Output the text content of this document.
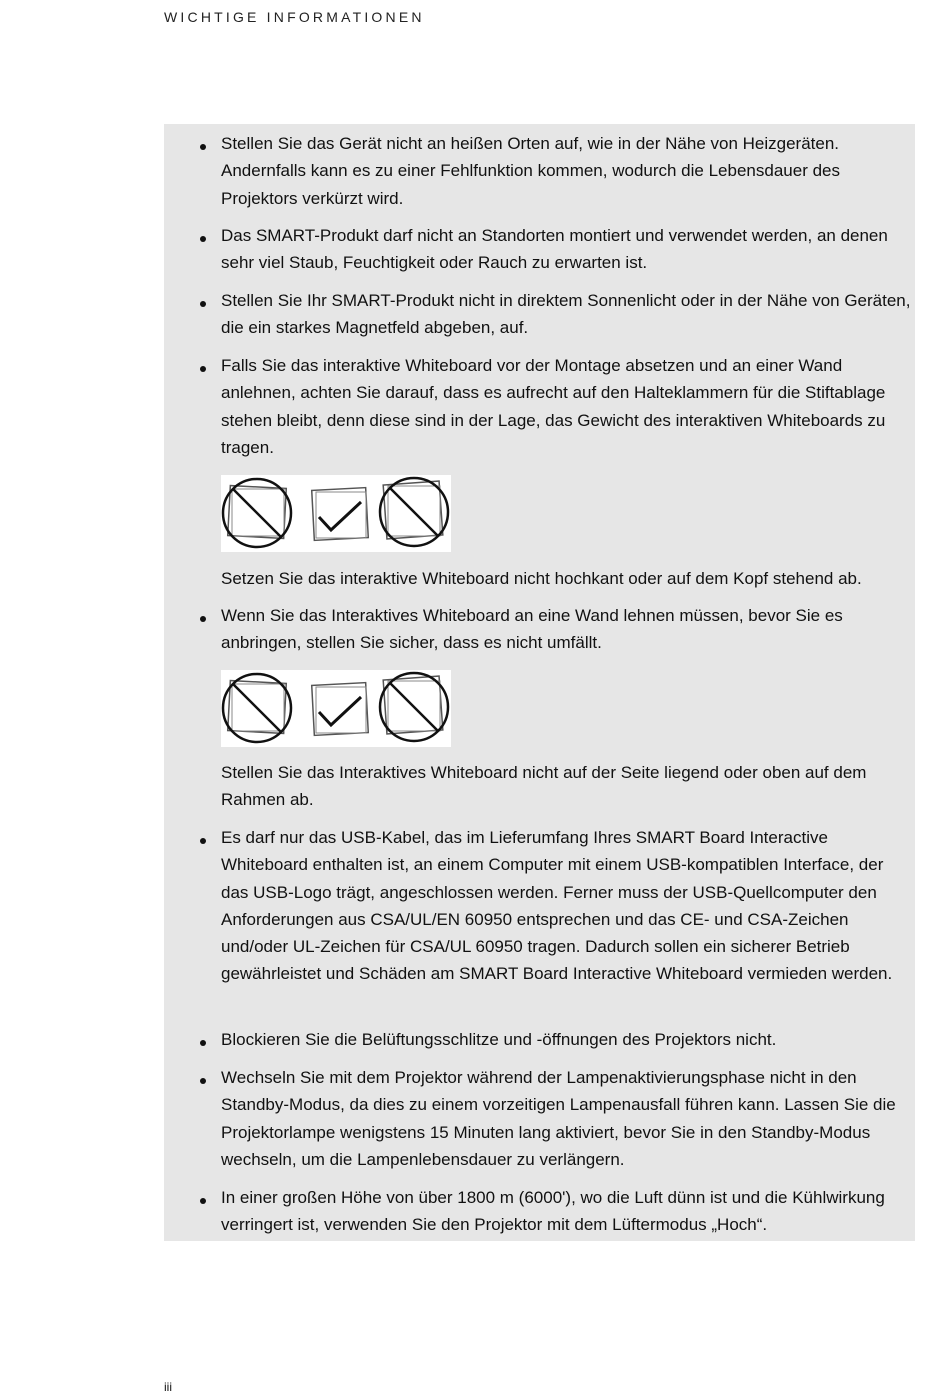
WICHTIGE INFORMATIONEN
Stellen Sie das Gerät nicht an heißen Orten auf, wie in der Nähe von Heizgeräten. Andernfalls kann es zu einer Fehlfunktion kommen, wodurch die Lebensdauer des Projektors verkürzt wird.
Das SMART-Produkt darf nicht an Standorten montiert und verwendet werden, an denen sehr viel Staub, Feuchtigkeit oder Rauch zu erwarten ist.
Stellen Sie Ihr SMART-Produkt nicht in direktem Sonnenlicht oder in der Nähe von Geräten, die ein starkes Magnetfeld abgeben, auf.
Falls Sie das interaktive Whiteboard vor der Montage absetzen und an einer Wand anlehnen, achten Sie darauf, dass es aufrecht auf den Halteklammern für die Stiftablage stehen bleibt, denn diese sind in der Lage, das Gewicht des interaktiven Whiteboards zu tragen.
Setzen Sie das interaktive Whiteboard nicht hochkant oder auf dem Kopf stehend ab.
Wenn Sie das Interaktives Whiteboard an eine Wand lehnen müssen, bevor Sie es anbringen, stellen Sie sicher, dass es nicht umfällt.
Stellen Sie das Interaktives Whiteboard nicht auf der Seite liegend oder oben auf dem Rahmen ab.
Es darf nur das USB-Kabel, das im Lieferumfang Ihres SMART Board Interactive Whiteboard enthalten ist, an einem Computer mit einem USB-kompatiblen Interface, der das USB-Logo trägt, angeschlossen werden. Ferner muss der USB-Quellcomputer den Anforderungen aus CSA/UL/EN 60950 entsprechen und das CE- und CSA-Zeichen und/oder UL-Zeichen für CSA/UL 60950 tragen. Dadurch sollen ein sicherer Betrieb gewährleistet und Schäden am SMART Board Interactive Whiteboard vermieden werden.
Blockieren Sie die Belüftungsschlitze und -öffnungen des Projektors nicht.
Wechseln Sie mit dem Projektor während der Lampenaktivierungsphase nicht in den Standby-Modus, da dies zu einem vorzeitigen Lampenausfall führen kann. Lassen Sie die Projektorlampe wenigstens 15 Minuten lang aktiviert, bevor Sie in den Standby-Modus wechseln, um die Lampenlebensdauer zu verlängern.
In einer großen Höhe von über 1800 m (6000'), wo die Luft dünn ist und die Kühlwirkung verringert ist, verwenden Sie den Projektor mit dem Lüftermodus „Hoch“.
iii
